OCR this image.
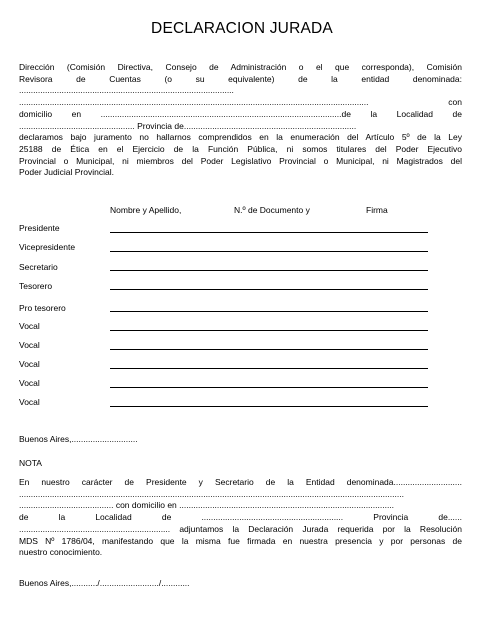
DECLARACION JURADA
Dirección (Comisión Directiva, Consejo de Administración o el que corresponda), Comisión
Revisora de Cuentas (o su equivalente) de la entidad denominada:
...........................................................................................
....................................................................................................................................................	con
domicilio en ......................................................................................................de la Localidad de
................................................. Provincia de.........................................................................
declaramos bajo juramento no hallarnos comprendidos en la enumeración del Artículo 5º de la Ley
25188 de Ética en el Ejercicio de la Función Pública, ni somos titulares del Poder Ejecutivo
Provincial o Municipal, ni miembros del Poder Legislativo Provincial o Municipal, ni Magistrados del
Poder Judicial Provincial.
Nombre y Apellido,	N.º de Documento y	Firma
Presidente
Vicepresidente
Secretario
Tesorero
Pro tesorero
Vocal
Vocal
Vocal
Vocal
Vocal
Buenos Aires,............................
NOTA
En nuestro carácter de Presidente y Secretario de la Entidad denominada.............................
...................................................................................................................................................................
........................................ con domicilio en ...........................................................................................
de la Localidad de ............................................................ Provincia de......
................................................................ adjuntamos la Declaración Jurada requerida por la Resolución
MDS Nº 1786/04, manifestando que la misma fue firmada en nuestra presencia y por personas de
nuestro conocimiento.
Buenos Aires,.........../........................./............
